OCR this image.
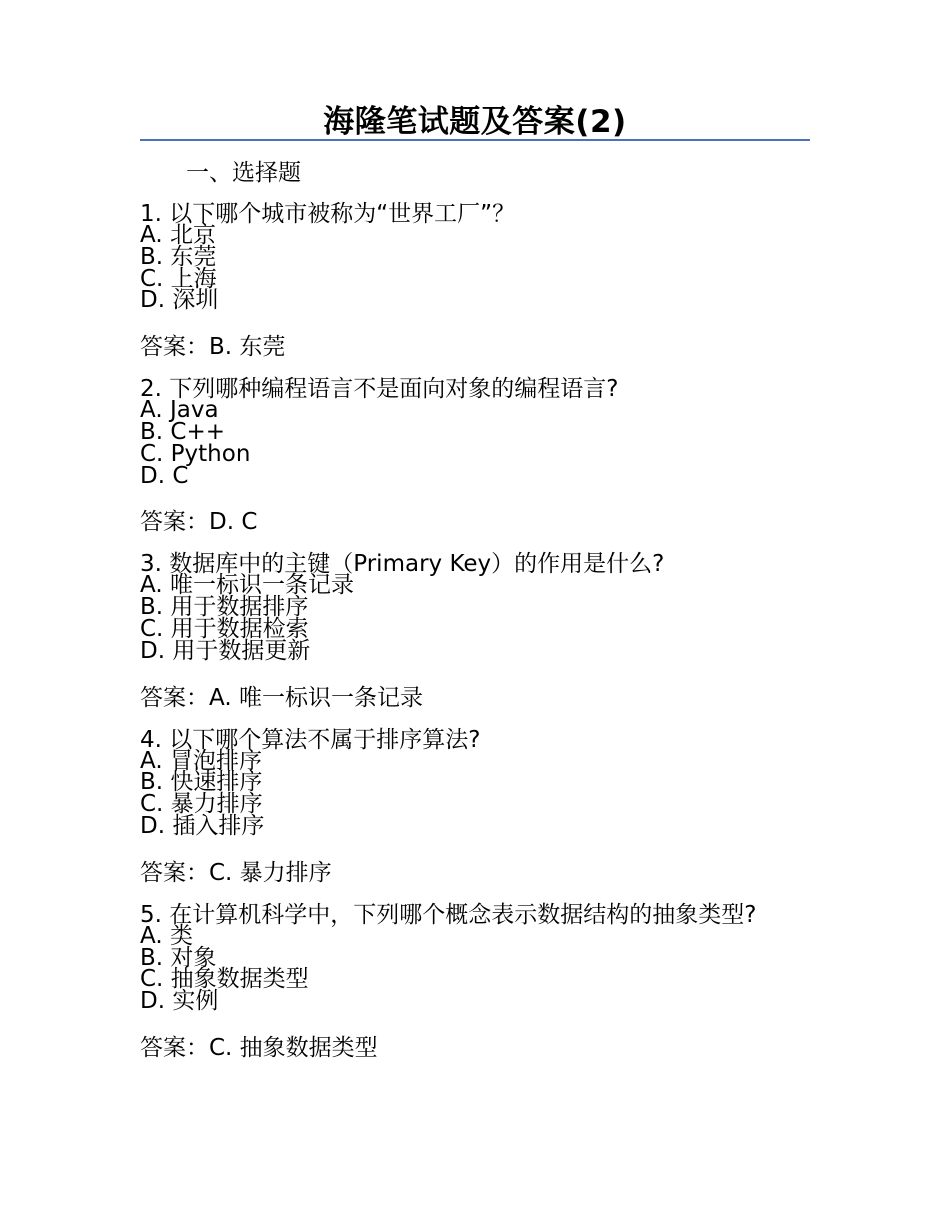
海隆笔试题及答案(2)
一、选择题
1. 以下哪个城市被称为“世界工厂”？
A. 北京
B. 东莞
C. 上海
D. 深圳
答案：B. 东莞
2. 下列哪种编程语言不是面向对象的编程语言?
A. Java
B. C++
C. Python
D. C
答案：D. C
3. 数据库中的主键（Primary Key）的作用是什么?
A. 唯一标识一条记录
B. 用于数据排序
C. 用于数据检索
D. 用于数据更新
答案：A. 唯一标识一条记录
4. 以下哪个算法不属于排序算法?
A. 冒泡排序
B. 快速排序
C. 暴力排序
D. 插入排序
答案：C. 暴力排序
5. 在计算机科学中，下列哪个概念表示数据结构的抽象类型?
A. 类
B. 对象
C. 抽象数据类型
D. 实例
答案：C. 抽象数据类型
